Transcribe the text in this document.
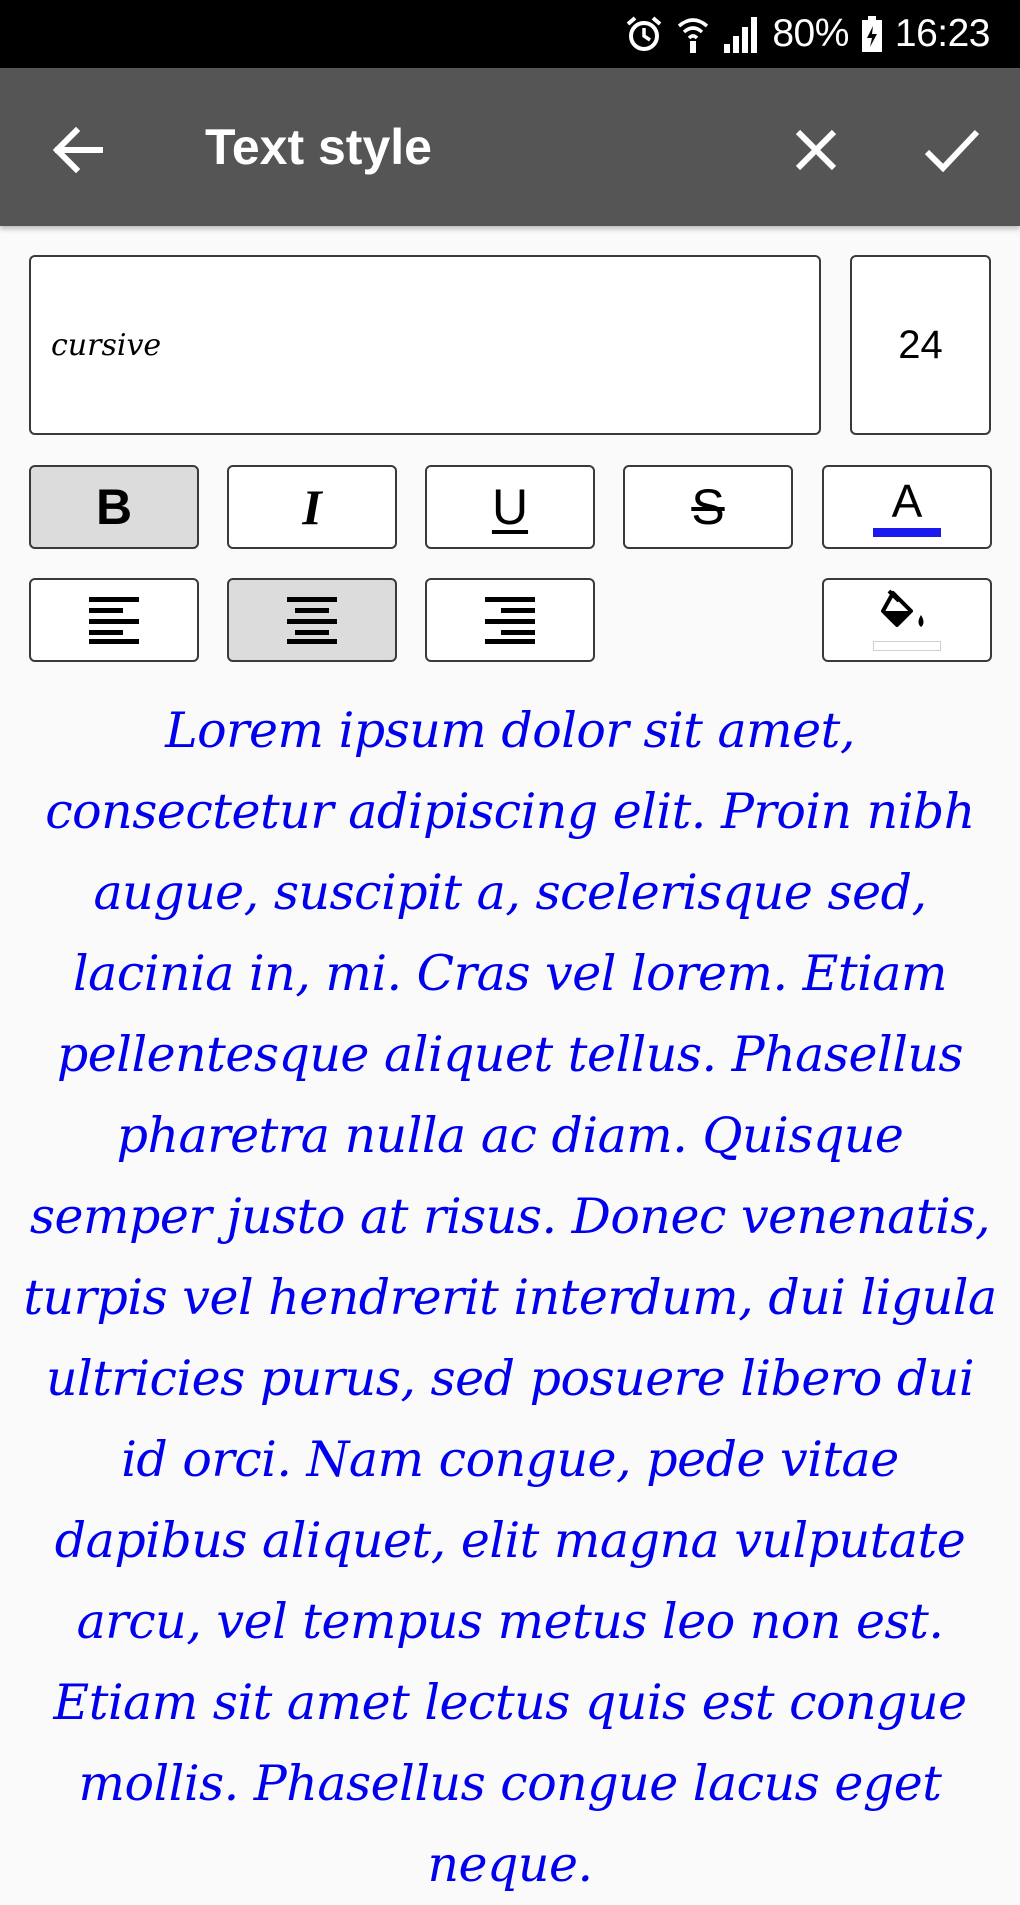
80% 16:23
Text style
cursive	24
B	I	U	S	A
Lorem ipsum dolor sit amet, consectetur adipiscing elit. Proin nibh augue, suscipit a, scelerisque sed, lacinia in, mi. Cras vel lorem. Etiam pellentesque aliquet tellus. Phasellus pharetra nulla ac diam. Quisque semper justo at risus. Donec venenatis, turpis vel hendrerit interdum, dui ligula ultricies purus, sed posuere libero dui id orci. Nam congue, pede vitae dapibus aliquet, elit magna vulputate arcu, vel tempus metus leo non est. Etiam sit amet lectus quis est congue mollis. Phasellus congue lacus eget neque.
